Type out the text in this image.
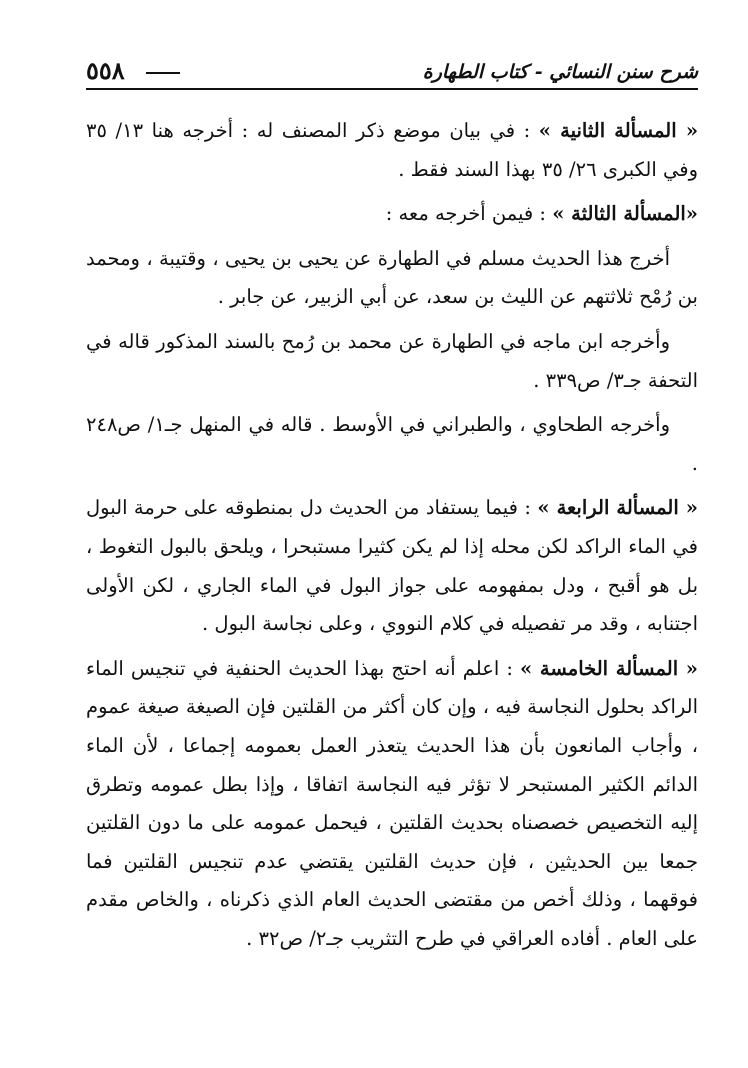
شرح سنن النسائي - كتاب الطهارة
٥٥٨

« المسألة الثانية » : في بيان موضع ذكر المصنف له : أخرجه هنا ١٣/ ٣٥ وفي الكبرى ٢٦/ ٣٥ بهذا السند فقط .

«المسألة الثالثة » : فيمن أخرجه معه :

أخرج هذا الحديث مسلم في الطهارة عن يحيى بن يحيى ، وقتيبة ، ومحمد بن رُمْح ثلاثتهم عن الليث بن سعد، عن أبي الزبير، عن جابر .

وأخرجه ابن ماجه في الطهارة عن محمد بن رُمح بالسند المذكور قاله في التحفة جـ٣/ ص٣٣٩ .

وأخرجه الطحاوي ، والطبراني في الأوسط . قاله في المنهل جـ١/ ص٢٤٨ .

« المسألة الرابعة » : فيما يستفاد من الحديث دل بمنطوقه على حرمة البول في الماء الراكد لكن محله إذا لم يكن كثيرا مستبحرا ، ويلحق بالبول التغوط ، بل هو أقبح ، ودل بمفهومه على جواز البول في الماء الجاري ، لكن الأولى اجتنابه ، وقد مر تفصيله في كلام النووي ، وعلى نجاسة البول .

« المسألة الخامسة » : اعلم أنه احتج بهذا الحديث الحنفية في تنجيس الماء الراكد بحلول النجاسة فيه ، وإن كان أكثر من القلتين فإن الصيغة صيغة عموم ، وأجاب المانعون بأن هذا الحديث يتعذر العمل بعمومه إجماعا ، لأن الماء الدائم الكثير المستبحر لا تؤثر فيه النجاسة اتفاقا ، وإذا بطل عمومه وتطرق إليه التخصيص خصصناه بحديث القلتين ، فيحمل عمومه على ما دون القلتين جمعا بين الحديثين ، فإن حديث القلتين يقتضي عدم تنجيس القلتين فما فوقهما ، وذلك أخص من مقتضى الحديث العام الذي ذكرناه ، والخاص مقدم على العام . أفاده العراقي في طرح التثريب جـ٢/ ص٣٢ .
